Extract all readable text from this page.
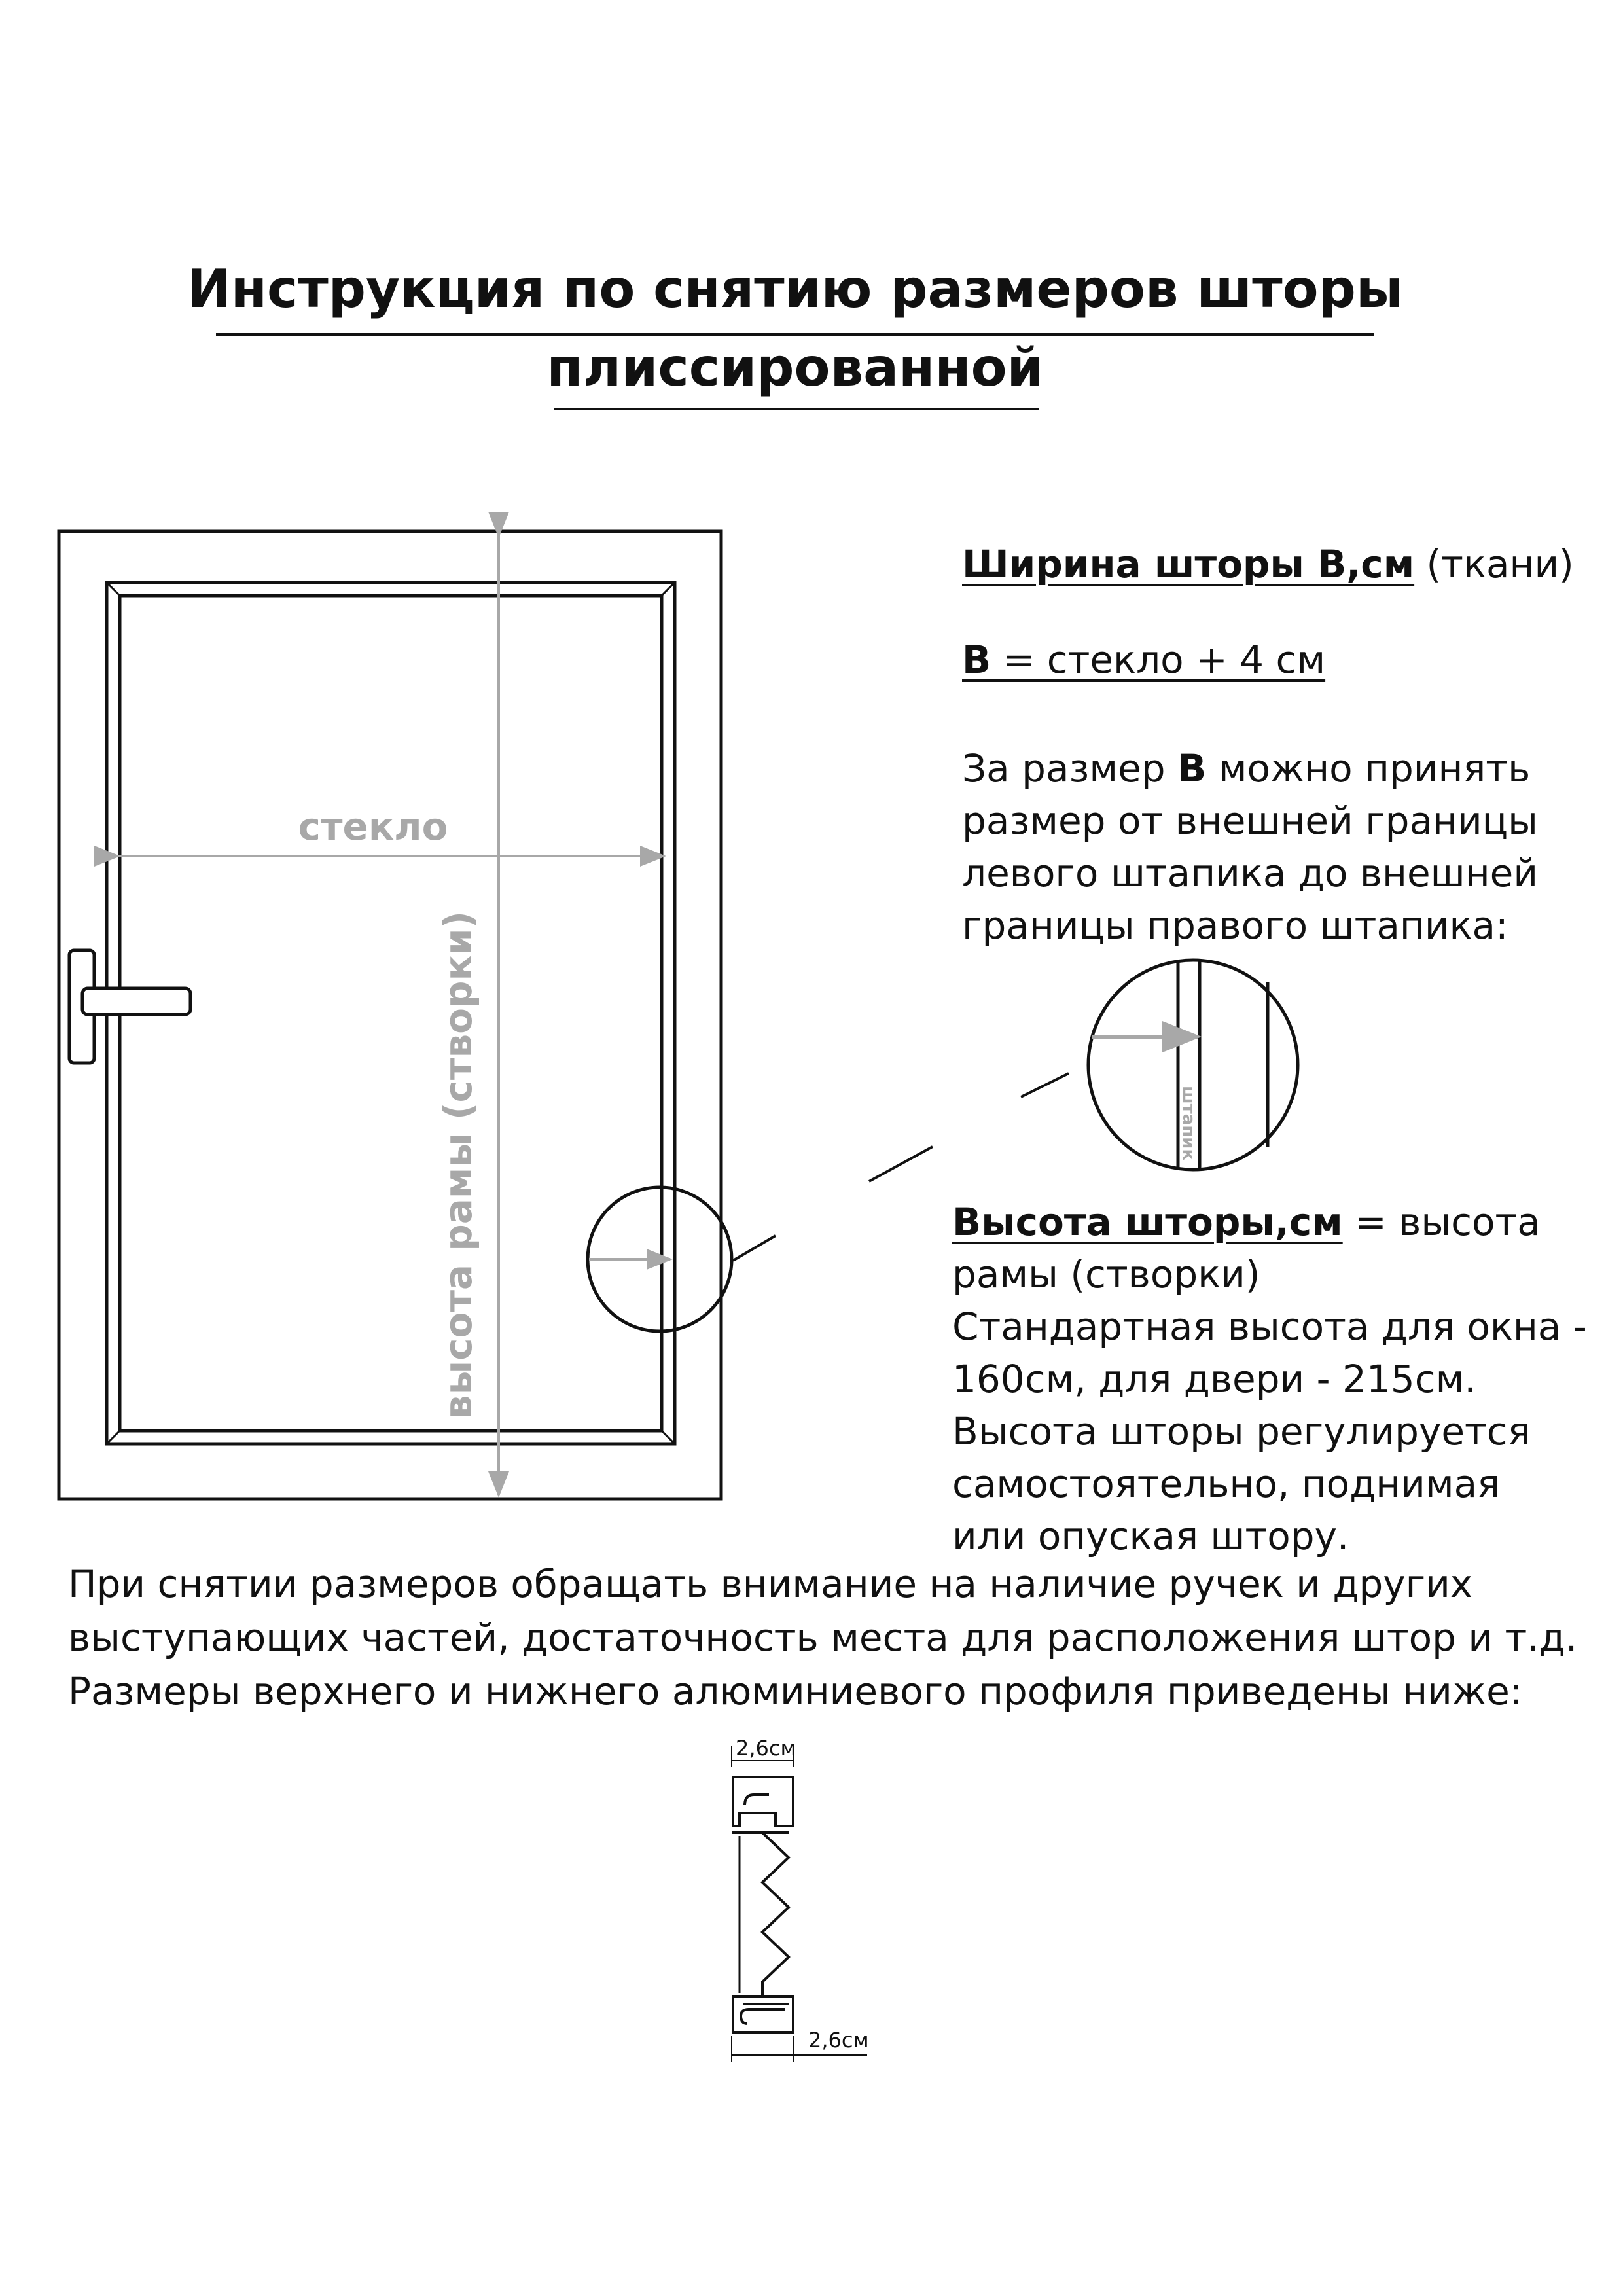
Инструкция по снятию размеров шторы
плиссированной
стекло
высота рамы (створки)	штапик
2,6см
2,6см
Ширина шторы B,см (ткани)
B = стекло + 4 см
За размер B можно принять
размер от внешней границы
левого штапика до внешней
границы правого штапика:
Высота шторы,см = высота
рамы (створки)
Стандартная высота для окна -
160см, для двери - 215см.
Высота шторы регулируется
самостоятельно, поднимая
или опуская штору.
При снятии размеров обращать внимание на наличие ручек и других
выступающих частей, достаточность места для расположения штор и т.д.
Размеры верхнего и нижнего алюминиевого профиля приведены ниже:
